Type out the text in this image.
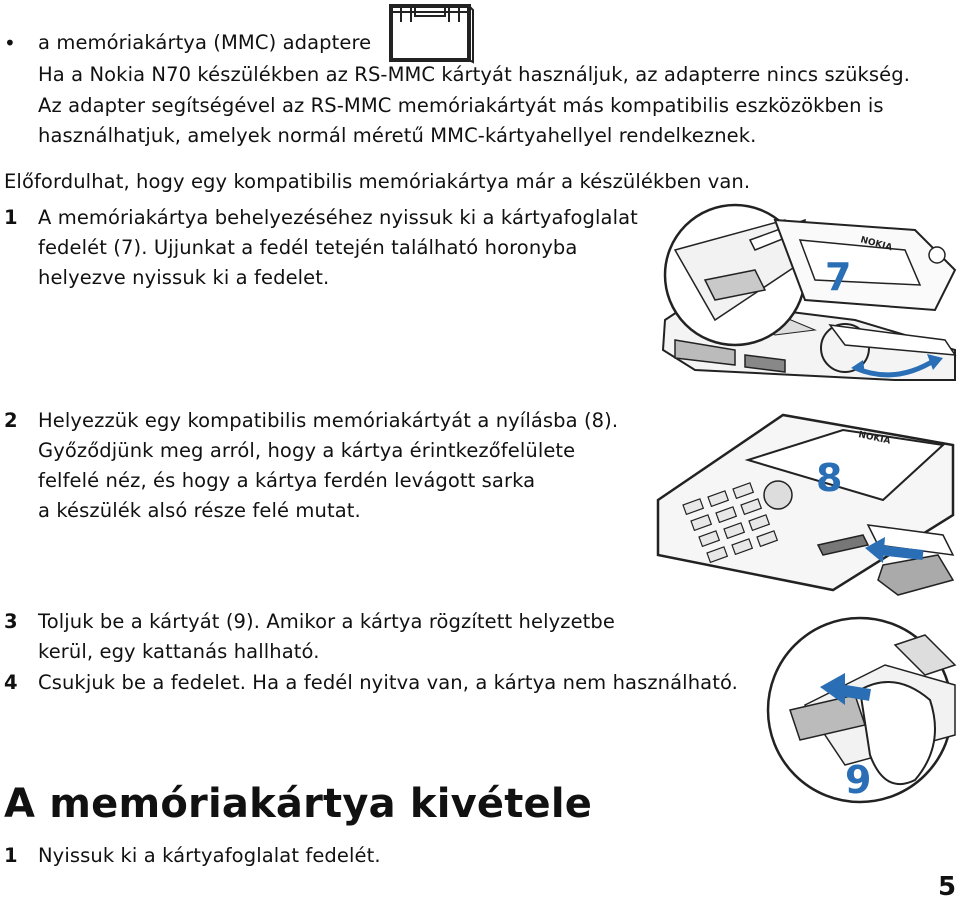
• a memóriakártya (MMC) adaptere
Ha a Nokia N70 készülékben az RS-MMC kártyát használjuk, az adapterre nincs szükség.
Az adapter segítségével az RS-MMC memóriakártyát más kompatibilis eszközökben is
használhatjuk, amelyek normál méretű MMC-kártyahellyel rendelkeznek.
Előfordulhat, hogy egy kompatibilis memóriakártya már a készülékben van.
1 A memóriakártya behelyezéséhez nyissuk ki a kártyafoglalat
fedelét (7). Ujjunkat a fedél tetején található horonyba
helyezve nyissuk ki a fedelet.
NOKIA
7
2 Helyezzük egy kompatibilis memóriakártyát a nyílásba (8).
Győződjünk meg arról, hogy a kártya érintkezőfelülete
felfelé néz, és hogy a kártya ferdén levágott sarka
a készülék alsó része felé mutat.
NOKIA
8
3 Toljuk be a kártyát (9). Amikor a kártya rögzített helyzetbe
kerül, egy kattanás hallható.
4 Csukjuk be a fedelet. Ha a fedél nyitva van, a kártya nem használható.
9
A memóriakártya kivétele
1 Nyissuk ki a kártyafoglalat fedelét.
5
